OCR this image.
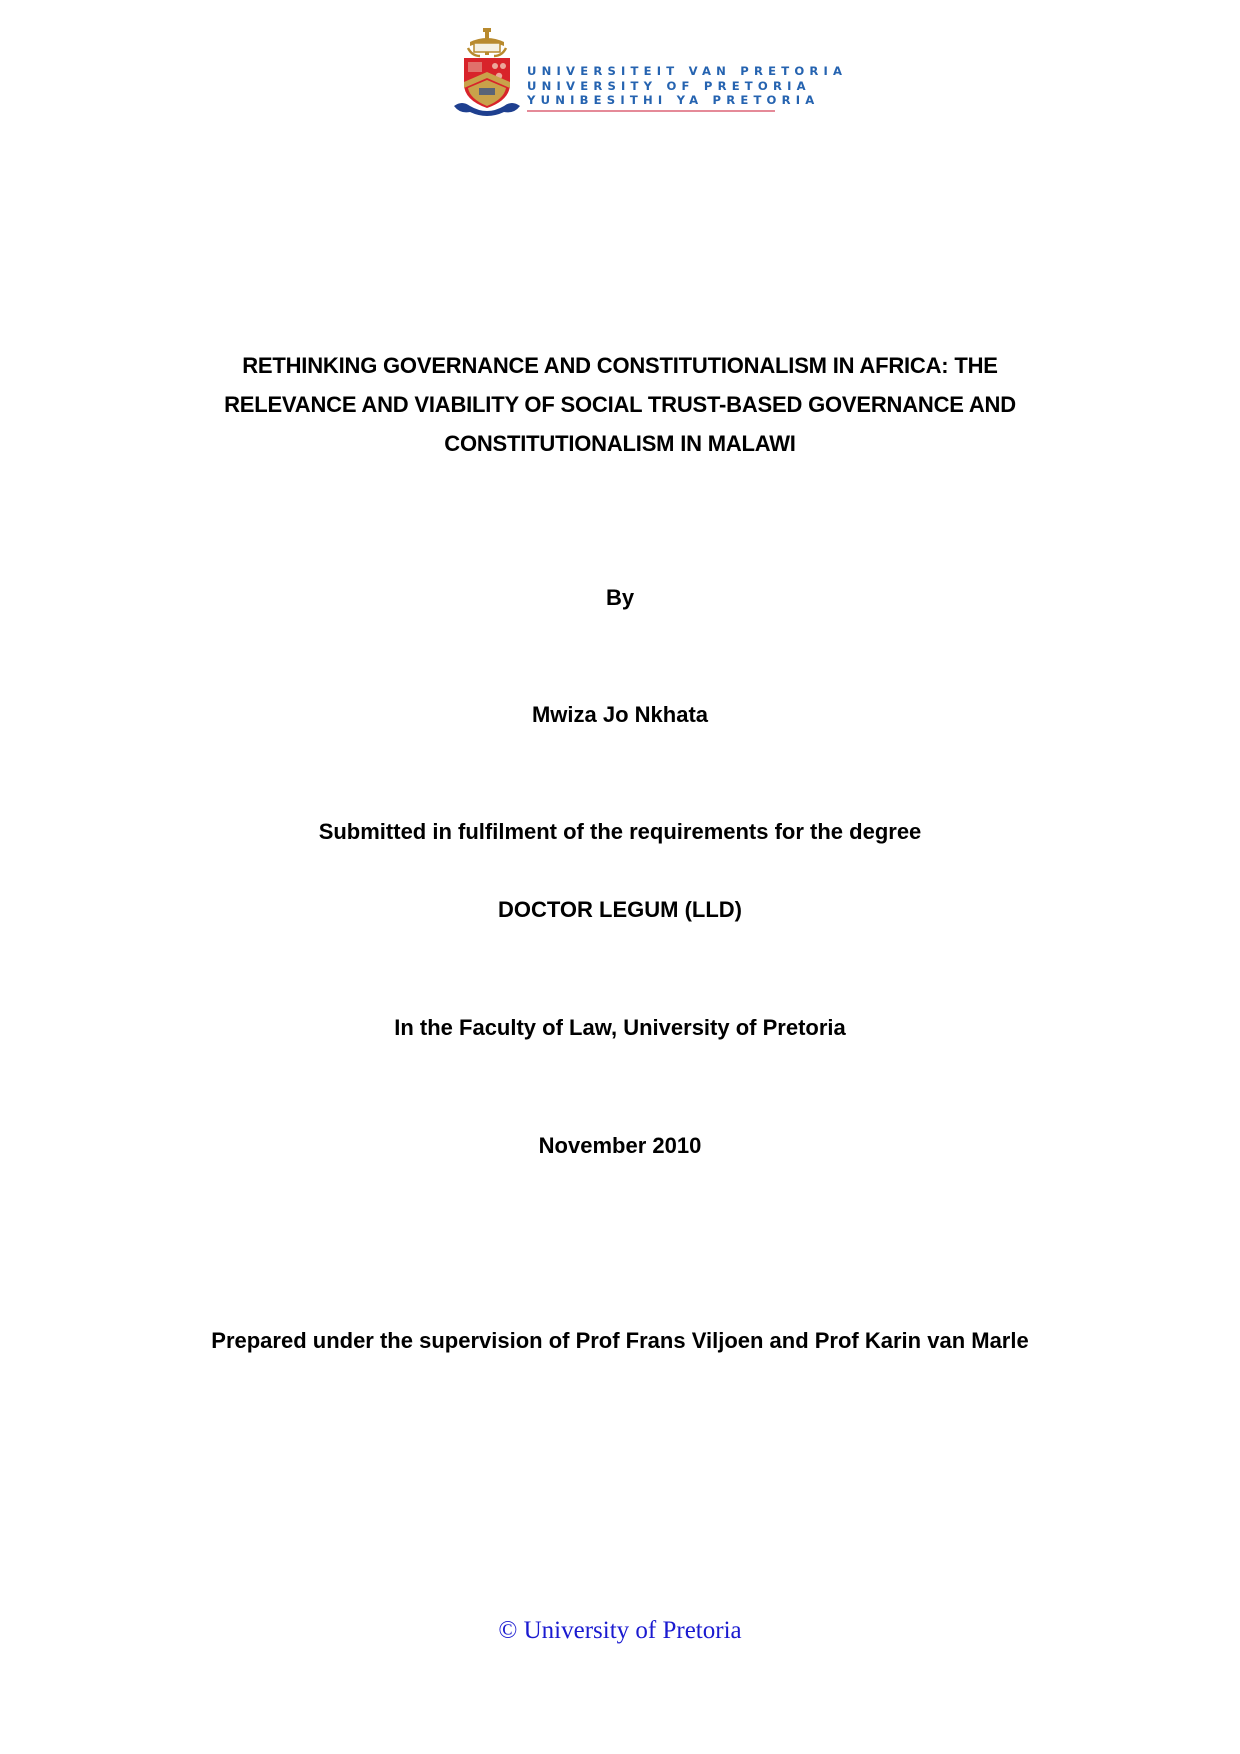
UNIVERSITEIT VAN PRETORIA
UNIVERSITY OF PRETORIA
YUNIBESITHI YA PRETORIA
RETHINKING GOVERNANCE AND CONSTITUTIONALISM IN AFRICA: THE
RELEVANCE AND VIABILITY OF SOCIAL TRUST-BASED GOVERNANCE AND
CONSTITUTIONALISM IN MALAWI
By
Mwiza Jo Nkhata
Submitted in fulfilment of the requirements for the degree
DOCTOR LEGUM (LLD)
In the Faculty of Law, University of Pretoria
November 2010
Prepared under the supervision of Prof Frans Viljoen and Prof Karin van Marle
© University of Pretoria
